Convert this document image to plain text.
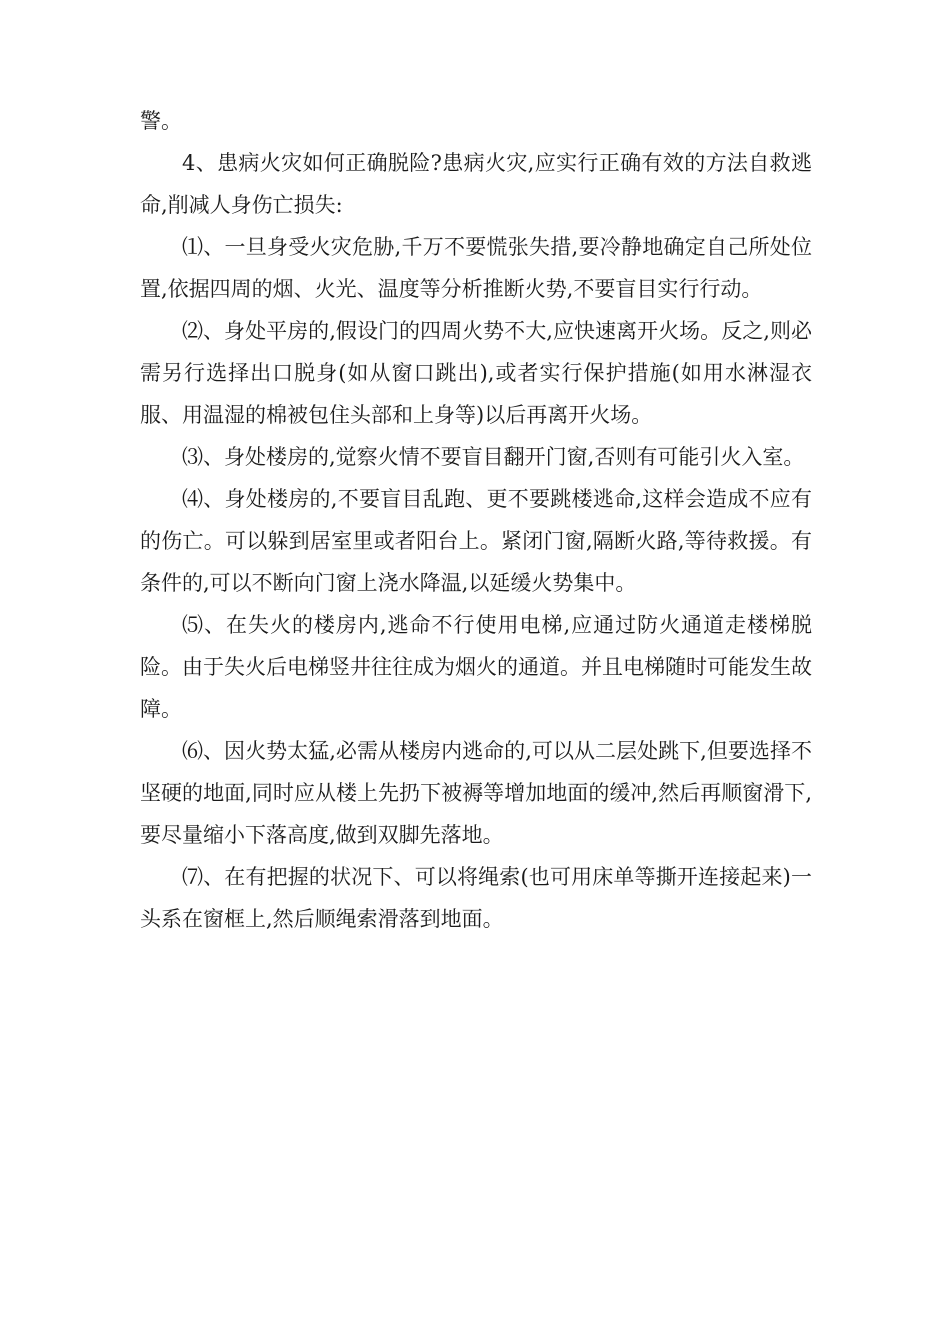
警。

4、患病火灾如何正确脱险?患病火灾,应实行正确有效的方法自救逃命,削减人身伤亡损失:

⑴、一旦身受火灾危胁,千万不要慌张失措,要冷静地确定自己所处位置,依据四周的烟、火光、温度等分析推断火势,不要盲目实行行动。

⑵、身处平房的,假设门的四周火势不大,应快速离开火场。反之,则必需另行选择出口脱身(如从窗口跳出),或者实行保护措施(如用水淋湿衣服、用温湿的棉被包住头部和上身等)以后再离开火场。

⑶、身处楼房的,觉察火情不要盲目翻开门窗,否则有可能引火入室。

⑷、身处楼房的,不要盲目乱跑、更不要跳楼逃命,这样会造成不应有的伤亡。可以躲到居室里或者阳台上。紧闭门窗,隔断火路,等待救援。有条件的,可以不断向门窗上浇水降温,以延缓火势集中。

⑸、在失火的楼房内,逃命不行使用电梯,应通过防火通道走楼梯脱险。由于失火后电梯竖井往往成为烟火的通道。并且电梯随时可能发生故障。

⑹、因火势太猛,必需从楼房内逃命的,可以从二层处跳下,但要选择不坚硬的地面,同时应从楼上先扔下被褥等增加地面的缓冲,然后再顺窗滑下,要尽量缩小下落高度,做到双脚先落地。

⑺、在有把握的状况下、可以将绳索(也可用床单等撕开连接起来)一头系在窗框上,然后顺绳索滑落到地面。
